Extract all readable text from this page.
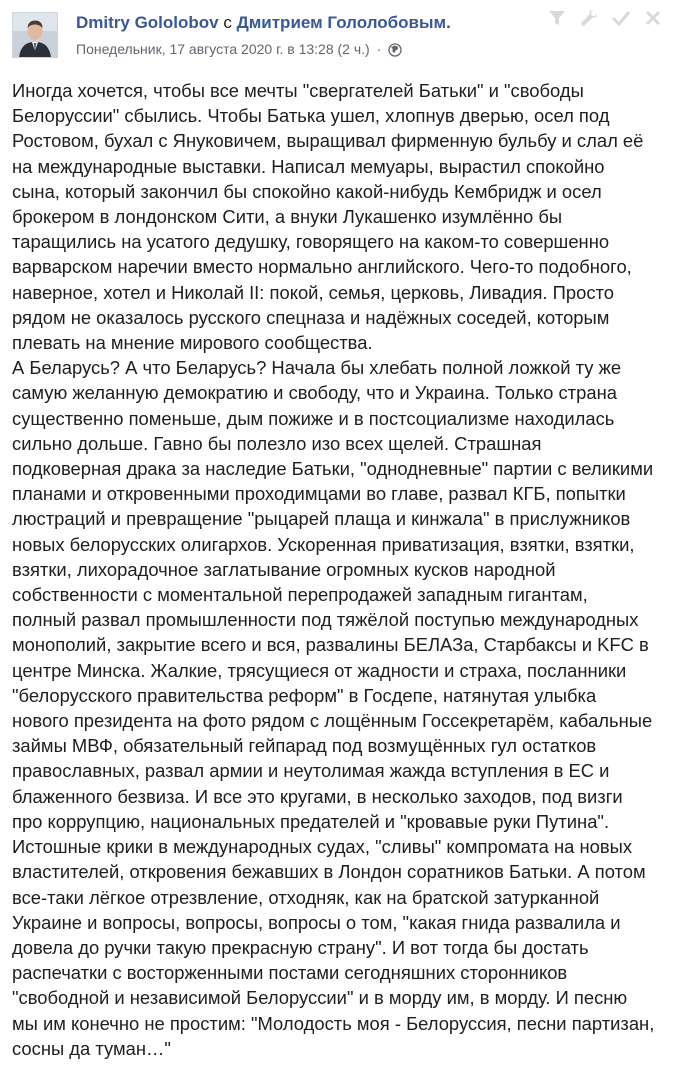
Dmitry Gololobov с Дмитрием Гололобовым.
Понедельник, 17 августа 2020 г. в 13:28 (2 ч.) ·

Иногда хочется, чтобы все мечты "свергателей Батьки" и "свободы
Белоруссии" сбылись. Чтобы Батька ушел, хлопнув дверью, осел под
Ростовом, бухал с Януковичем, выращивал фирменную бульбу и слал её
на международные выставки. Написал мемуары, вырастил спокойно
сына, который закончил бы спокойно какой-нибудь Кембридж и осел
брокером в лондонском Сити, а внуки Лукашенко изумлённо бы
таращились на усатого дедушку, говорящего на каком-то совершенно
варварском наречии вместо нормально английского. Чего-то подобного,
наверное, хотел и Николай II: покой, семья, церковь, Ливадия. Просто
рядом не оказалось русского спецназа и надёжных соседей, которым
плевать на мнение мирового сообщества.

А Беларусь? А что Беларусь? Начала бы хлебать полной ложкой ту же
самую желанную демократию и свободу, что и Украина. Только страна
существенно поменьше, дым пожиже и в постсоциализме находилась
сильно дольше. Гавно бы полезло изо всех щелей. Страшная
подковерная драка за наследие Батьки, "однодневные" партии с великими
планами и откровенными проходимцами во главе, развал КГБ, попытки
люстраций и превращение "рыцарей плаща и кинжала" в прислужников
новых белорусских олигархов. Ускоренная приватизация, взятки, взятки,
взятки, лихорадочное заглатывание огромных кусков народной
собственности с моментальной перепродажей западным гигантам,
полный развал промышленности под тяжёлой поступью международных
монополий, закрытие всего и вся, развалины БЕЛАЗа, Старбаксы и KFC в
центре Минска. Жалкие, трясущиеся от жадности и страха, посланники
"белорусского правительства реформ" в Госдепе, натянутая улыбка
нового президента на фото рядом с лощённым Госсекретарём, кабальные
займы МВФ, обязательный гейпарад под возмущённых гул остатков
православных, развал армии и неутолимая жажда вступления в ЕС и
блаженного безвиза. И все это кругами, в несколько заходов, под визги
про коррупцию, национальных предателей и "кровавые руки Путина".
Истошные крики в международных судах, "сливы" компромата на новых
властителей, откровения бежавших в Лондон соратников Батьки. А потом
все-таки лёгкое отрезвление, отходняк, как на братской затурканной
Украине и вопросы, вопросы, вопросы о том, "какая гнида развалила и
довела до ручки такую прекрасную страну". И вот тогда бы достать
распечатки с восторженными постами сегодняшних сторонников
"свободной и независимой Белоруссии" и в морду им, в морду. И песню
мы им конечно не простим: "Молодость моя - Белоруссия, песни партизан,
сосны да туман…"
